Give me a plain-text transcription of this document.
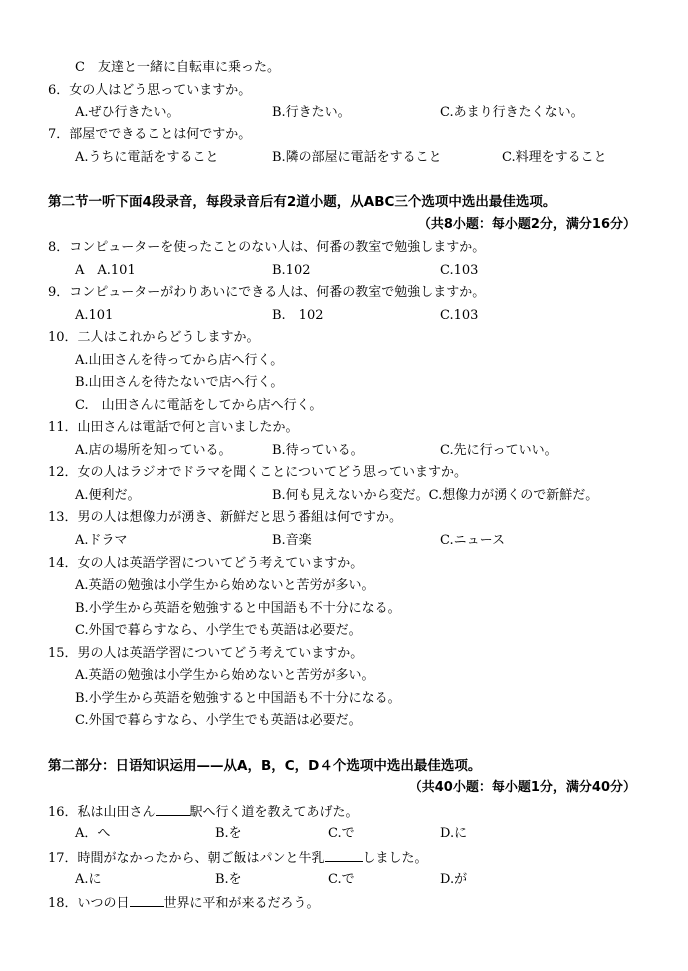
C　友達と一緒に自転車に乗った。
6．女の人はどう思っていますか。
A.ぜひ行きたい。	B.行きたい。	C.あまり行きたくない。
7．部屋でできることは何ですか。
A.うちに電話をすること	B.隣の部屋に電話をすること	C.料理をすること
第二节一听下面4段录音，每段录音后有2道小题，从ABC三个选项中选出最佳选项。
（共8小题：每小题2分，满分16分）
8．コンピューターを使ったことのない人は、何番の教室で勉強しますか。
A　A.101	B.102	C.103
9．コンピューターがわりあいにできる人は、何番の教室で勉強しますか。
A.101	B.　102	C.103
10．二人はこれからどうしますか。
A.山田さんを待ってから店へ行く。
B.山田さんを待たないで店へ行く。
C.　山田さんに電話をしてから店へ行く。
11．山田さんは電話で何と言いましたか。
A.店の場所を知っている。	B.待っている。	C.先に行っていい。
12．女の人はラジオでドラマを聞くことについてどう思っていますか。
A.便利だ。	B.何も見えないから変だ。C.想像力が湧くので新鮮だ。
13．男の人は想像力が湧き、新鮮だと思う番組は何ですか。
A.ドラマ	B.音楽	C.ニュース
14．女の人は英語学習についてどう考えていますか。
A.英語の勉強は小学生から始めないと苦労が多い。
B.小学生から英語を勉強すると中国語も不十分になる。
C.外国で暮らすなら、小学生でも英語は必要だ。
15．男の人は英語学習についてどう考えていますか。
A.英語の勉強は小学生から始めないと苦労が多い。
B.小学生から英語を勉強すると中国語も不十分になる。
C.外国で暮らすなら、小学生でも英語は必要だ。
第二部分：日语知识运用——从A，B，C，D４个选项中选出最佳选项。
（共40小题：每小题1分，满分40分）
16．私は山田さん	駅へ行く道を教えてあげた。
A．へ	B.を	C.で	D.に
17．時間がなかったから、朝ご飯はパンと牛乳	しました。
A.に	B.を	C.で	D.が
18．いつの日	世界に平和が来るだろう。
